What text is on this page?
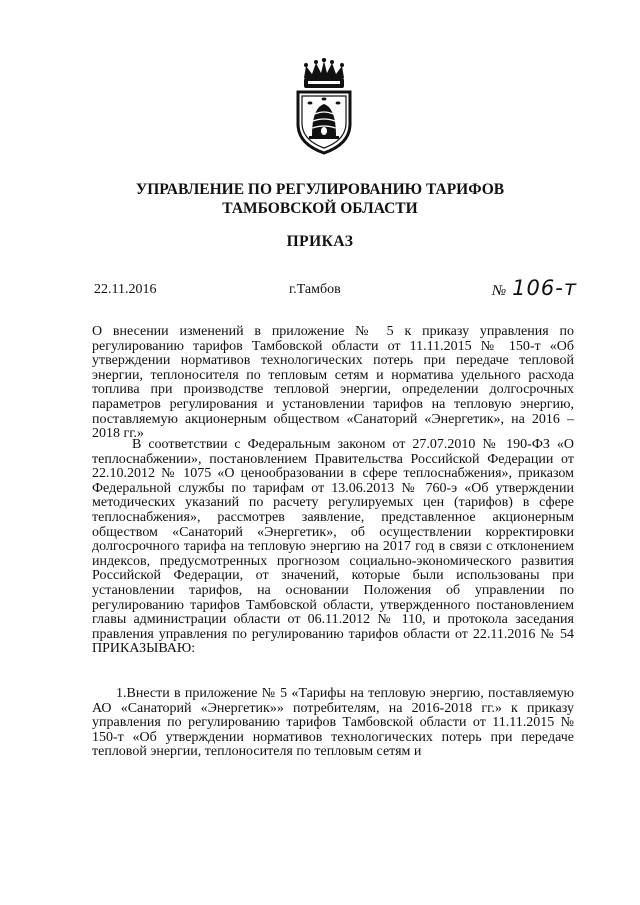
УПРАВЛЕНИЕ ПО РЕГУЛИРОВАНИЮ ТАРИФОВ
ТАМБОВСКОЙ ОБЛАСТИ
ПРИКАЗ
22.11.2016	г.Тамбов	№ 106-т
О внесении изменений в приложение № 5 к приказу управления по регулированию тарифов Тамбовской области от 11.11.2015 № 150-т «Об утверждении нормативов технологических потерь при передаче тепловой энергии, теплоносителя по тепловым сетям и норматива удельного расхода топлива при производстве тепловой энергии, определении долгосрочных параметров регулирования и установлении тарифов на тепловую энергию, поставляемую акционерным обществом «Санаторий «Энергетик», на 2016 – 2018 гг.»
В соответствии с Федеральным законом от 27.07.2010 № 190-ФЗ «О теплоснабжении», постановлением Правительства Российской Федерации от 22.10.2012 № 1075 «О ценообразовании в сфере теплоснабжения», приказом Федеральной службы по тарифам от 13.06.2013 № 760-э «Об утверждении методических указаний по расчету регулируемых цен (тарифов) в сфере теплоснабжения», рассмотрев заявление, представленное акционерным обществом «Санаторий «Энергетик», об осуществлении корректировки долгосрочного тарифа на тепловую энергию на 2017 год в связи с отклонением индексов, предусмотренных прогнозом социально-экономического развития Российской Федерации, от значений, которые были использованы при установлении тарифов, на основании Положения об управлении по регулированию тарифов Тамбовской области, утвержденного постановлением главы администрации области от 06.11.2012 № 110, и протокола заседания правления управления по регулированию тарифов области от 22.11.2016 № 54 ПРИКАЗЫВАЮ:
1.Внести в приложение № 5 «Тарифы на тепловую энергию, поставляемую АО «Санаторий «Энергетик»» потребителям, на 2016-2018 гг.» к приказу управления по регулированию тарифов Тамбовской области от 11.11.2015 № 150-т «Об утверждении нормативов технологических потерь при передаче тепловой энергии, теплоносителя по тепловым сетям и
